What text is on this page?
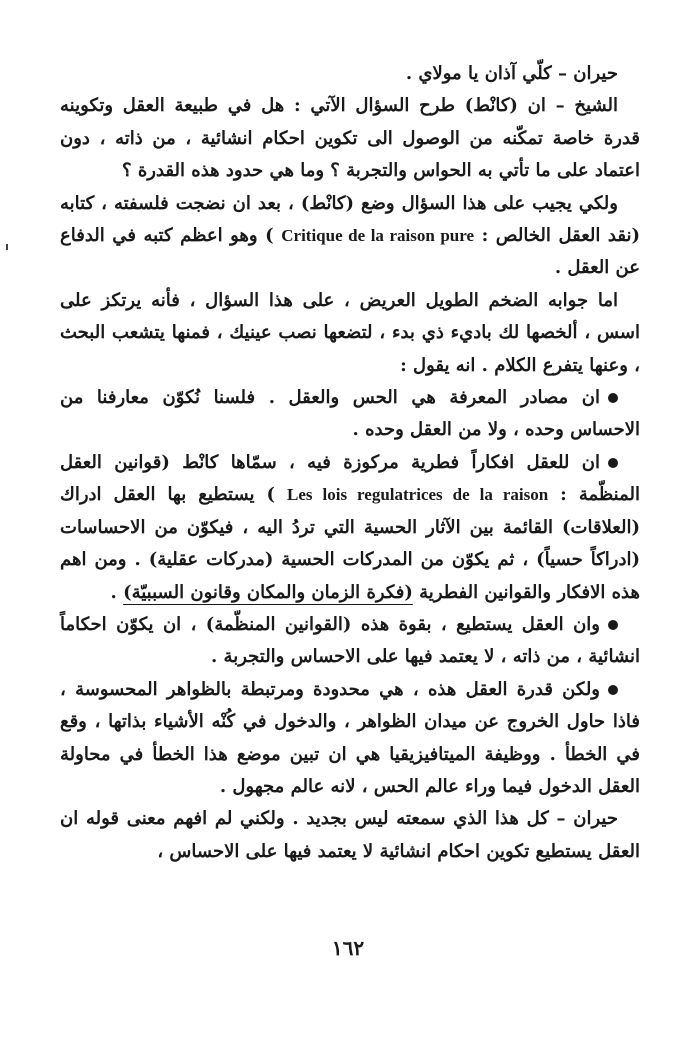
حيران – كلّي آذان يا مولاي .

الشيخ – ان (كانْط) طرح السؤال الآتي : هل في طبيعة العقل وتكوينه قدرة خاصة تمكّنه من الوصول الى تكوين احكام انشائية ، من ذاته ، دون اعتماد على ما تأتي به الحواس والتجربة ؟ وما هي حدود هذه القدرة ؟

ولكي يجيب على هذا السؤال وضع (كانْط) ، بعد ان نضجت فلسفته ، كتابه (نقد العقل الخالص : Critique de la raison pure ) وهو اعظم كتبه في الدفاع عن العقل .

اما جوابه الضخم الطويل العريض ، على هذا السؤال ، فأنه يرتكز على اسس ، ألخصها لك باديء ذي بدء ، لتضعها نصب عينيك ، فمنها يتشعب البحث ، وعنها يتفرع الكلام . انه يقول :

ان مصادر المعرفة هي الحس والعقل . فلسنا نُكوّن معارفنا من الاحساس وحده ، ولا من العقل وحده .

ان للعقل افكاراً فطرية مركوزة فيه ، سمّاها كانْط (قوانين العقل المنظّمة : Les lois regulatrices de la raison ) يستطيع بها العقل ادراك (العلاقات) القائمة بين الآثار الحسية التي تردُ اليه ، فيكوّن من الاحساسات (ادراكاً حسياً) ، ثم يكوّن من المدركات الحسية (مدركات عقلية) . ومن اهم هذه الافكار والقوانين الفطرية (فكرة الزمان والمكان وقانون السببيّة) .

وان العقل يستطيع ، بقوة هذه (القوانين المنظّمة) ، ان يكوّن احكاماً انشائية ، من ذاته ، لا يعتمد فيها على الاحساس والتجربة .

ولكن قدرة العقل هذه ، هي محدودة ومرتبطة بالظواهر المحسوسة ، فاذا حاول الخروج عن ميدان الظواهر ، والدخول في كُنْه الأشياء بذاتها ، وقع في الخطأ . ووظيفة الميتافيزيقيا هي ان تبين موضع هذا الخطأ في محاولة العقل الدخول فيما وراء عالم الحس ، لانه عالم مجهول .

حيران – كل هذا الذي سمعته ليس بجديد . ولكني لم افهم معنى قوله ان العقل يستطيع تكوين احكام انشائية لا يعتمد فيها على الاحساس ،

١٦٢
